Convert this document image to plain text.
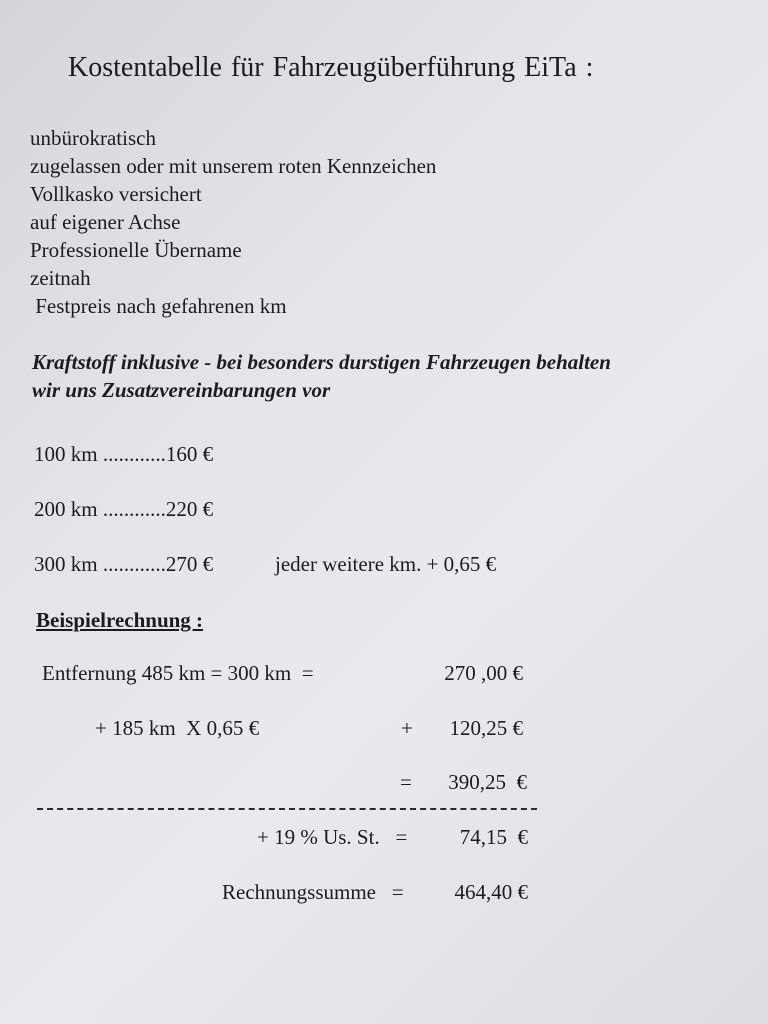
Kostentabelle für Fahrzeugüberführung EiTa :
unbürokratisch
zugelassen oder mit unserem roten Kennzeichen
Vollkasko versichert
auf eigener Achse
Professionelle Übername
zeitnah
Festpreis nach gefahrenen km
Kraftstoff inklusive - bei besonders durstigen Fahrzeugen behalten
wir uns Zusatzvereinbarungen vor
100 km ............160 €
200 km ............220 €
300 km ............270 €	jeder weitere km. + 0,65 €
Beispielrechnung :
Entfernung 485 km = 300 km  =	270 ,00 €
+ 185 km  X 0,65 €	+	120,25 €
=	390,25  €
+ 19 % Us. St.   =	74,15  €
Rechnungssumme   =	464,40 €
